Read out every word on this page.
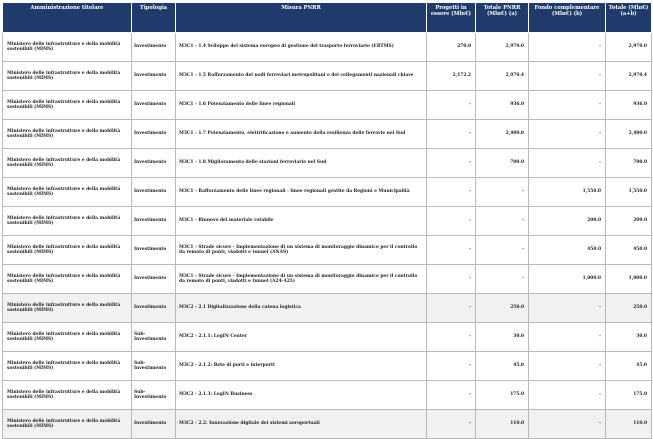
Amministrazione titolare	Tipologia	Misura PNRR	Progetti in essere (Mln€)	Totale PNRR (Mln€) (a)	Fondo complementare (Mln€) (b)	Totale (Mln€) (a+b)
Ministero delle infrastrutture e della mobilità sostenibili (MIMS)	Investimento	M3C1 - 1.4 Sviluppo del sistema europeo di gestione del trasporto ferroviario (ERTMS)	270.0	2,970.0	-	2,970.0
Ministero delle infrastrutture e della mobilità sostenibili (MIMS)	Investimento	M3C1 - 1.5 Rafforzamento dei nodi ferroviari metropolitani e dei collegamenti nazionali chiave	2,172.2	2,970.4	-	2,970.4
Ministero delle infrastrutture e della mobilità sostenibili (MIMS)	Investimento	M3C1 - 1.6 Potenziamento delle linee regionali	-	936.0	-	936.0
Ministero delle infrastrutture e della mobilità sostenibili (MIMS)	Investimento	M3C1 - 1.7 Potenziamento, elettrificazione e aumento della resilienza delle ferrovie nel Sud	-	2,400.0	-	2,400.0
Ministero delle infrastrutture e della mobilità sostenibili (MIMS)	Investimento	M3C1 - 1.8 Miglioramento delle stazioni ferroviarie nel Sud	-	700.0	-	700.0
Ministero delle infrastrutture e della mobilità sostenibili (MIMS)	Investimento	M3C1 - Rafforzamento delle linee regionali - linee regionali gestite da Regioni e Municipalità	-	-	1,550.0	1,550.0
Ministero delle infrastrutture e della mobilità sostenibili (MIMS)	Investimento	M3C1 - Rinnovo del materiale rotabile	-	-	200.0	200.0
Ministero delle infrastrutture e della mobilità sostenibili (MIMS)	Investimento	M3C1 - Strade sicure - Implementazione di un sistema di monitoraggio dinamico per il controllo da remoto di ponti, viadotti e tunnel (ANAS)	-	-	450.0	450.0
Ministero delle infrastrutture e della mobilità sostenibili (MIMS)	Investimento	M3C1 - Strade sicure - Implementazione di un sistema di monitoraggio dinamico per il controllo da remoto di ponti, viadotti e tunnel (A24-A25)	-	-	1,000.0	1,000.0
Ministero delle infrastrutture e della mobilità sostenibili (MIMS)	Investimento	M3C2 - 2.1 Digitalizzazione della catena logistica	-	250.0	-	250.0
Ministero delle infrastrutture e della mobilità sostenibili (MIMS)	Sub-Investimento	M3C2 - 2.1.1: LogIN Center	-	30.0	-	30.0
Ministero delle infrastrutture e della mobilità sostenibili (MIMS)	Sub-Investimento	M3C2 - 2.1.2: Rete di porti e interporti	-	45.0	-	45.0
Ministero delle infrastrutture e della mobilità sostenibili (MIMS)	Sub-Investimento	M3C2 - 2.1.3: LogIN Business	-	175.0	-	175.0
Ministero delle infrastrutture e della mobilità sostenibili (MIMS)	Investimento	M3C2 - 2.2: Innovazione digitale dei sistemi aeroportuali	-	110.0	-	110.0
